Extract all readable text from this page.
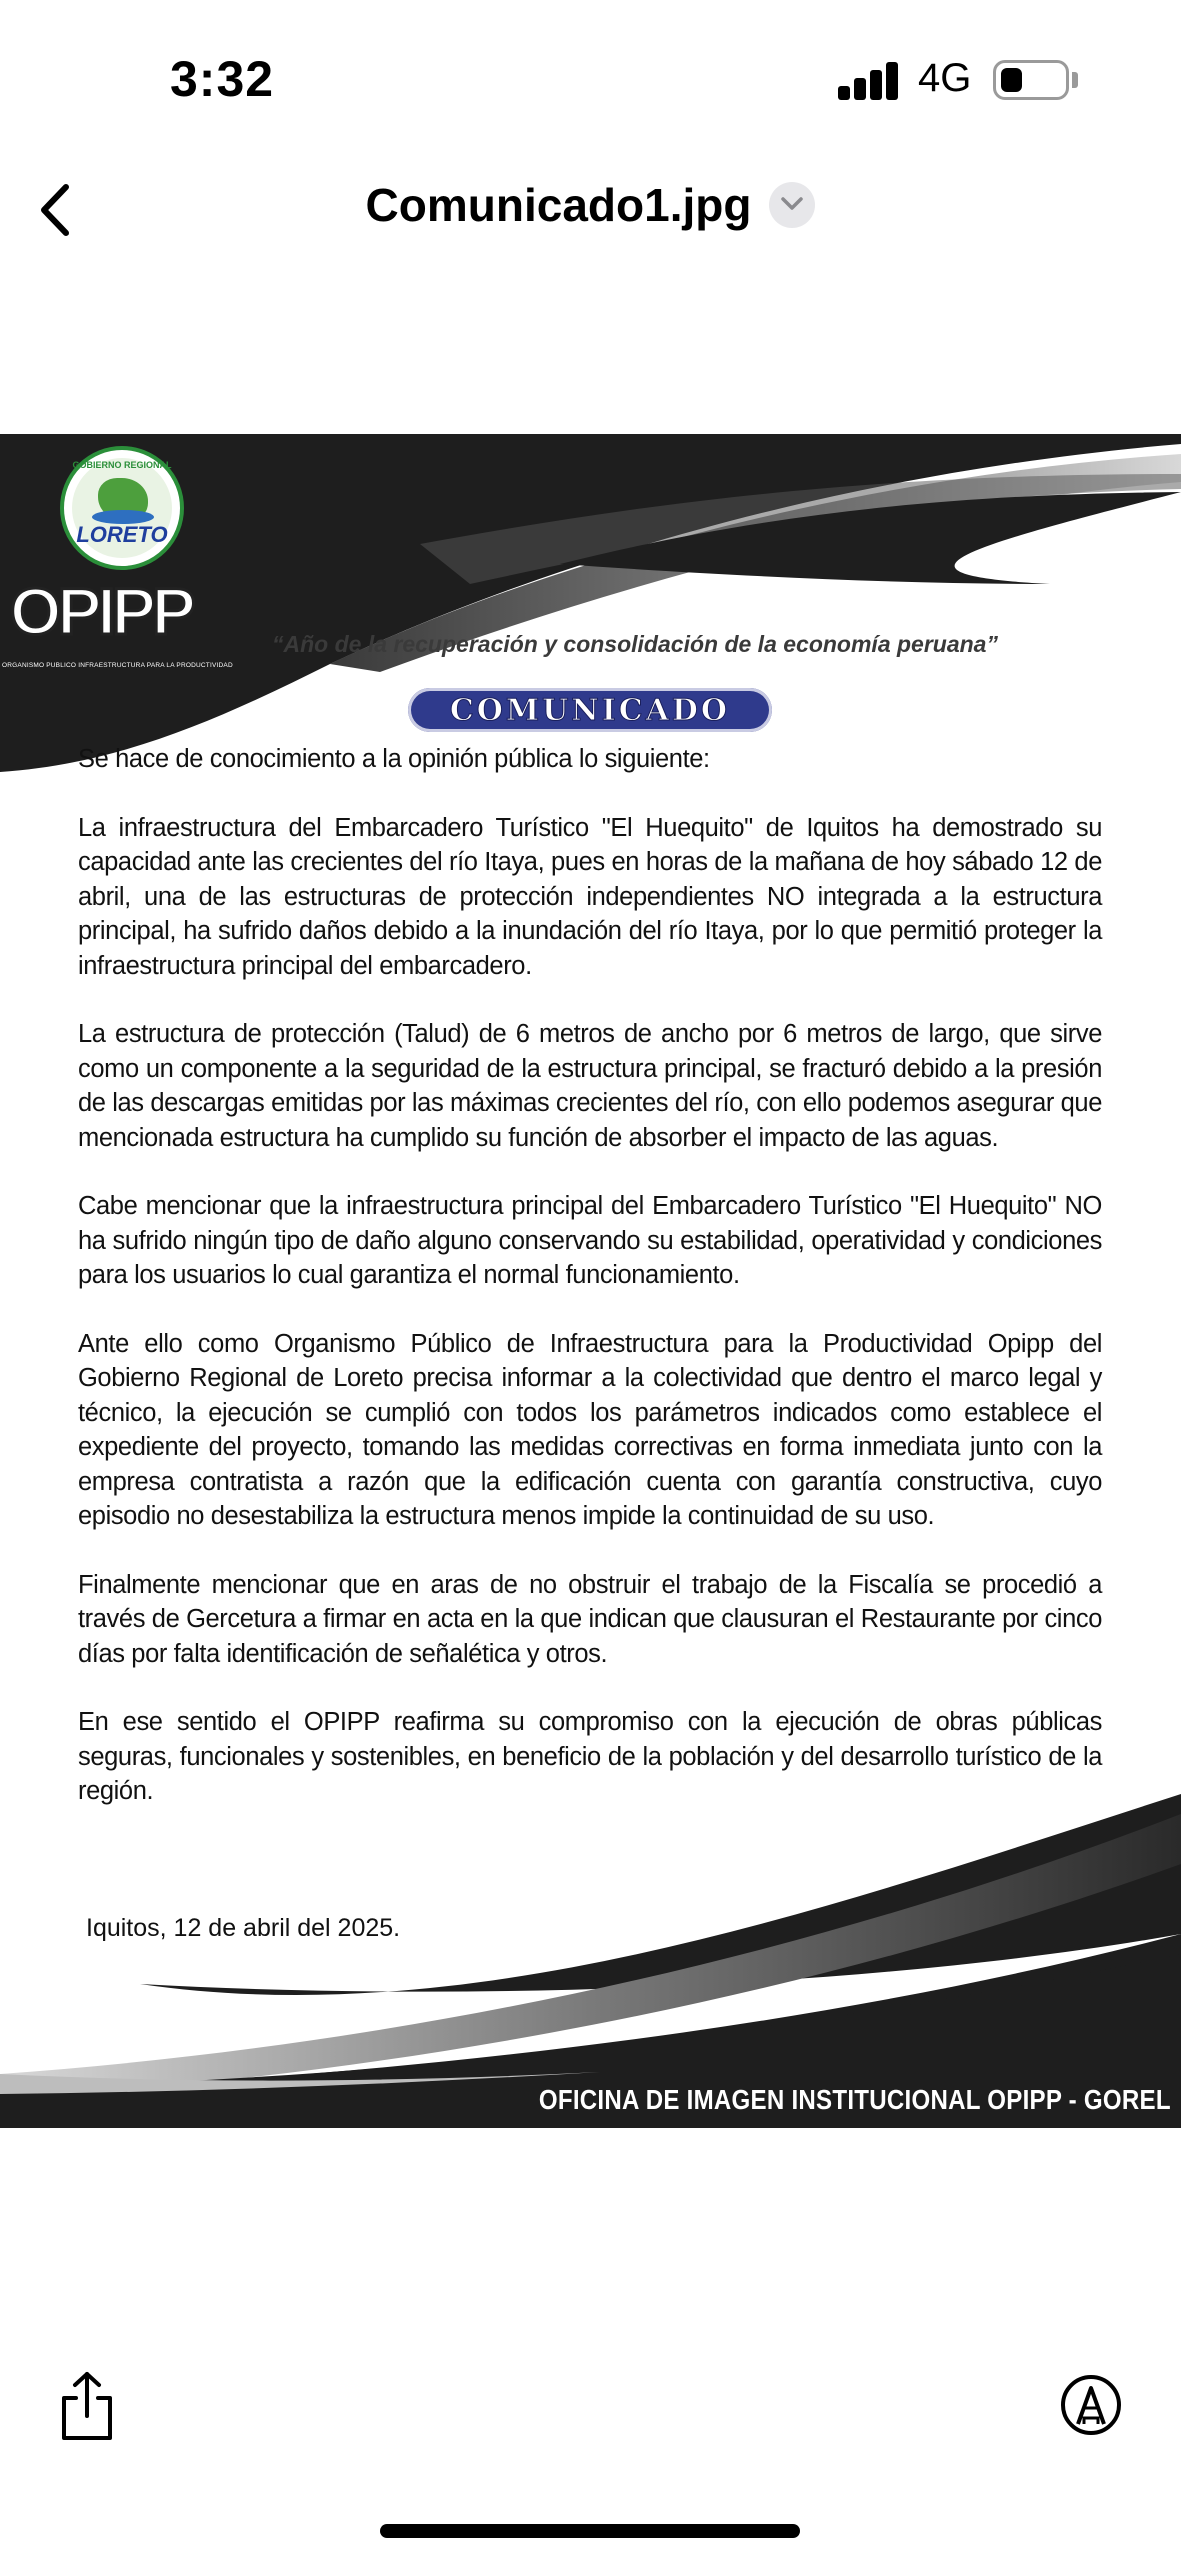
3:32	4G
Comunicado1.jpg
GOBIERNO REGIONAL
LORETO
OPIPP
ORGANISMO PUBLICO INFRAESTRUCTURA PARA LA PRODUCTIVIDAD
“Año de la recuperación y consolidación de la economía peruana”
COMUNICADO

Se hace de conocimiento a la opinión pública lo siguiente:

La infraestructura del Embarcadero Turístico "El Huequito" de Iquitos ha demostrado su capacidad ante las crecientes del río Itaya, pues en horas de la mañana de hoy sábado 12 de abril, una de las estructuras de protección independientes NO integrada a la estructura principal, ha sufrido daños debido a la inundación del río Itaya, por lo que permitió proteger la infraestructura principal del embarcadero.

La estructura de protección (Talud) de 6 metros de ancho por 6 metros de largo, que sirve como un componente a la seguridad de la estructura principal, se fracturó debido a la presión de las descargas emitidas por las máximas crecientes del río, con ello podemos asegurar que mencionada estructura ha cumplido su función de absorber el impacto de las aguas.

Cabe mencionar que la infraestructura principal del Embarcadero Turístico "El Huequito" NO ha sufrido ningún tipo de daño alguno conservando su estabilidad, operatividad y condiciones para los usuarios lo cual garantiza el normal funcionamiento.

Ante ello como Organismo Público de Infraestructura para la Productividad Opipp del Gobierno Regional de Loreto precisa informar a la colectividad que dentro el marco legal y técnico, la ejecución se cumplió con todos los parámetros indicados como establece el expediente del proyecto, tomando las medidas correctivas en forma inmediata junto con la empresa contratista a razón que la edificación cuenta con garantía constructiva, cuyo episodio no desestabiliza la estructura menos impide la continuidad de su uso.

Finalmente mencionar que en aras de no obstruir el trabajo de la Fiscalía se procedió a través de Gercetura a firmar en acta en la que indican que clausuran el Restaurante por cinco días por falta identificación de señalética y otros.

En ese sentido el OPIPP reafirma su compromiso con la ejecución de obras públicas seguras, funcionales y sostenibles, en beneficio de la población y del desarrollo turístico de la región.

Iquitos, 12 de abril del 2025.
OFICINA DE IMAGEN INSTITUCIONAL OPIPP - GOREL
